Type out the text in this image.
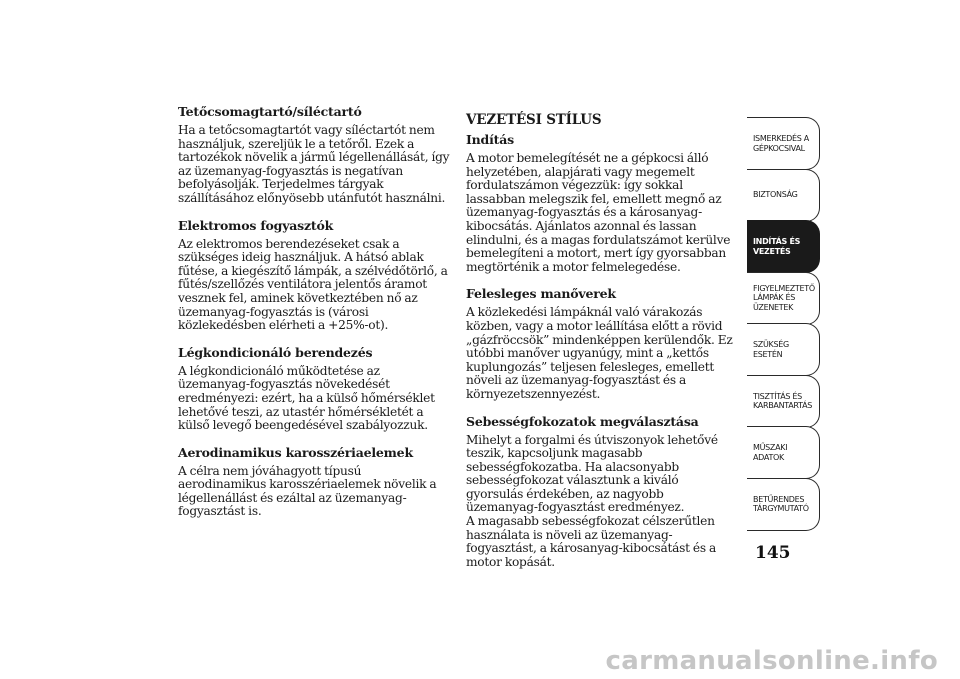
Tetőcsomagtartó/síléctartó
Ha a tetőcsomagtartót vagy síléctartót nem használjuk, szereljük le a tetőről. Ezek a tartozékok növelik a jármű légellenállását, így az üzemanyag-fogyasztás is negatívan befolyásolják. Terjedelmes tárgyak szállításához előnyösebb utánfutót használni.
Elektromos fogyasztók
Az elektromos berendezéseket csak a szükséges ideig használjuk. A hátsó ablak fűtése, a kiegészítő lámpák, a szélvédőtörlő, a fűtés/szellőzés ventilátora jelentős áramot vesznek fel, aminek következtében nő az üzemanyag-fogyasztás is (városi közlekedésben elérheti a +25%-ot).
Légkondicionáló berendezés
A légkondicionáló működtetése az üzemanyag-fogyasztás növekedését eredményezi: ezért, ha a külső hőmérséklet lehetővé teszi, az utastér hőmérsékletét a külső levegő beengedésével szabályozzuk.
Aerodinamikus karosszériaelemek
A célra nem jóváhagyott típusú aerodinamikus karosszériaelemek növelik a légellenállást és ezáltal az üzemanyag-fogyasztást is.
VEZETÉSI STÍLUS
Indítás
A motor bemelegítését ne a gépkocsi álló helyzetében, alapjárati vagy megemelt fordulatszámon végezzük: így sokkal lassabban melegszik fel, emellett megnő az üzemanyag-fogyasztás és a károsanyag-kibocsátás. Ajánlatos azonnal és lassan elindulni, és a magas fordulatszámot kerülve bemelegíteni a motort, mert így gyorsabban megtörténik a motor felmelegedése.
Felesleges manőverek
A közlekedési lámpáknál való várakozás közben, vagy a motor leállítása előtt a rövid „gázfröccsök” mindenképpen kerülendők. Ez utóbbi manőver ugyanúgy, mint a „kettős kuplungozás” teljesen felesleges, emellett növeli az üzemanyag-fogyasztást és a környezetszennyezést.
Sebességfokozatok megválasztása
Mihelyt a forgalmi és útviszonyok lehetővé teszik, kapcsoljunk magasabb sebességfokozatba. Ha alacsonyabb sebességfokozat választunk a kiváló gyorsulás érdekében, az nagyobb üzemanyag-fogyasztást eredményez.
A magasabb sebességfokozat célszerűtlen használata is növeli az üzemanyag-fogyasztást, a károsanyag-kibocsátást és a motor kopását.
ISMERKEDÉS A GÉPKOCSIVAL
BIZTONSÁG
INDÍTÁS ÉS VEZETÉS
FIGYELMEZTETŐ LÁMPÁK ÉS ÜZENETEK
SZÜKSÉG ESETÉN
TISZTÍTÁS ÉS KARBANTARTÁS
MŰSZAKI ADATOK
BETŰRENDES TÁRGYMUTATÓ
145
carmanualsonline.info
